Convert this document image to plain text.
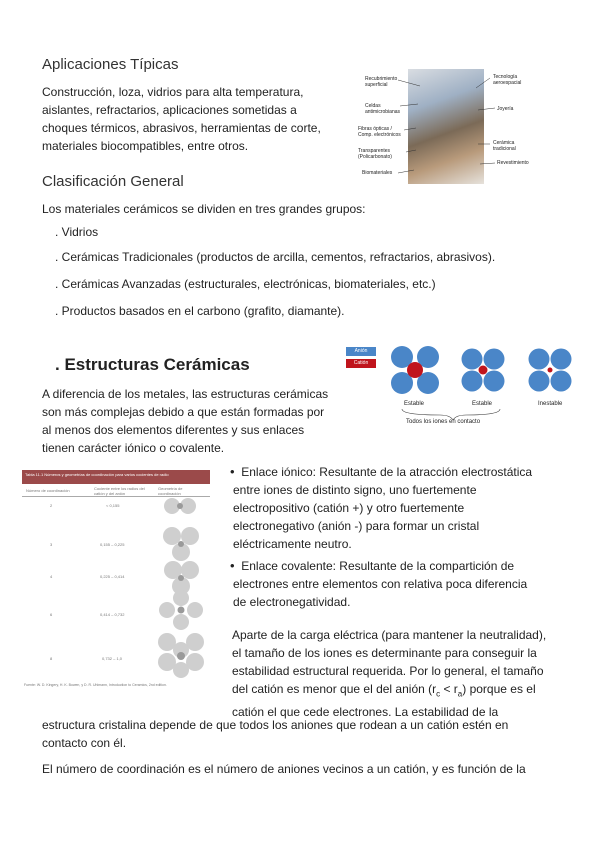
Aplicaciones Típicas
Construcción, loza, vidrios para alta temperatura,
aislantes, refractarios, aplicaciones sometidas a
choques térmicos, abrasivos, herramientas de corte,
materiales biocompatibles, entre otros.
Recubrimiento superficial
Celdas antimicrobianas
Fibras ópticas / Comp. electrónicos
Transparentes (Policarbonato)
Biomateriales
Tecnología aeroespacial
Joyería
Cerámica tradicional
Revestimiento
Clasificación General
Los materiales cerámicos se dividen en tres grandes grupos:
. Vidrios
. Cerámicas Tradicionales (productos de arcilla, cementos, refractarios, abrasivos).
. Cerámicas Avanzadas (estructurales, electrónicas, biomateriales, etc.)
. Productos basados en el carbono (grafito, diamante).
. Estructuras Cerámicas
A diferencia de los metales, las estructuras cerámicas
son más complejas debido a que están formadas por
al menos dos elementos diferentes y sus enlaces
tienen carácter iónico o covalente.
Anión
Catión
Estable	Estable	Inestable
Todos los iones en contacto
Tabla 11.1 Números y geometrías de coordinación para varios cocientes de radio
Número de coordinación	Cociente entre los radios del catión y del anión
Geometría de coordinación
2	< 0,155
3	0,155 – 0,225
4	0,225 – 0,414
6	0,414 – 0,732
8	0,732 – 1,0
Fuente: W. D. Kingery, H. K. Bowen, y D. R. Uhlmann, Introduction to Ceramics, 2nd edition.
• Enlace iónico: Resultante de la atracción electrostática
entre iones de distinto signo, uno fuertemente
electropositivo (catión +) y otro fuertemente
electronegativo (anión -) para formar un cristal
eléctricamente neutro.
• Enlace covalente: Resultante de la compartición de
electrones entre elementos con relativa poca diferencia
de electronegatividad.
Aparte de la carga eléctrica (para mantener la neutralidad),
el tamaño de los iones es determinante para conseguir la
estabilidad estructural requerida. Por lo general, el tamaño
del catión es menor que el del anión $(r_c < r_a)$ porque es el
catión el que cede electrones. La estabilidad de la
estructura cristalina depende de que todos los aniones que rodean a un catión estén en
contacto con él.
El número de coordinación es el número de aniones vecinos a un catión, y es función de la
